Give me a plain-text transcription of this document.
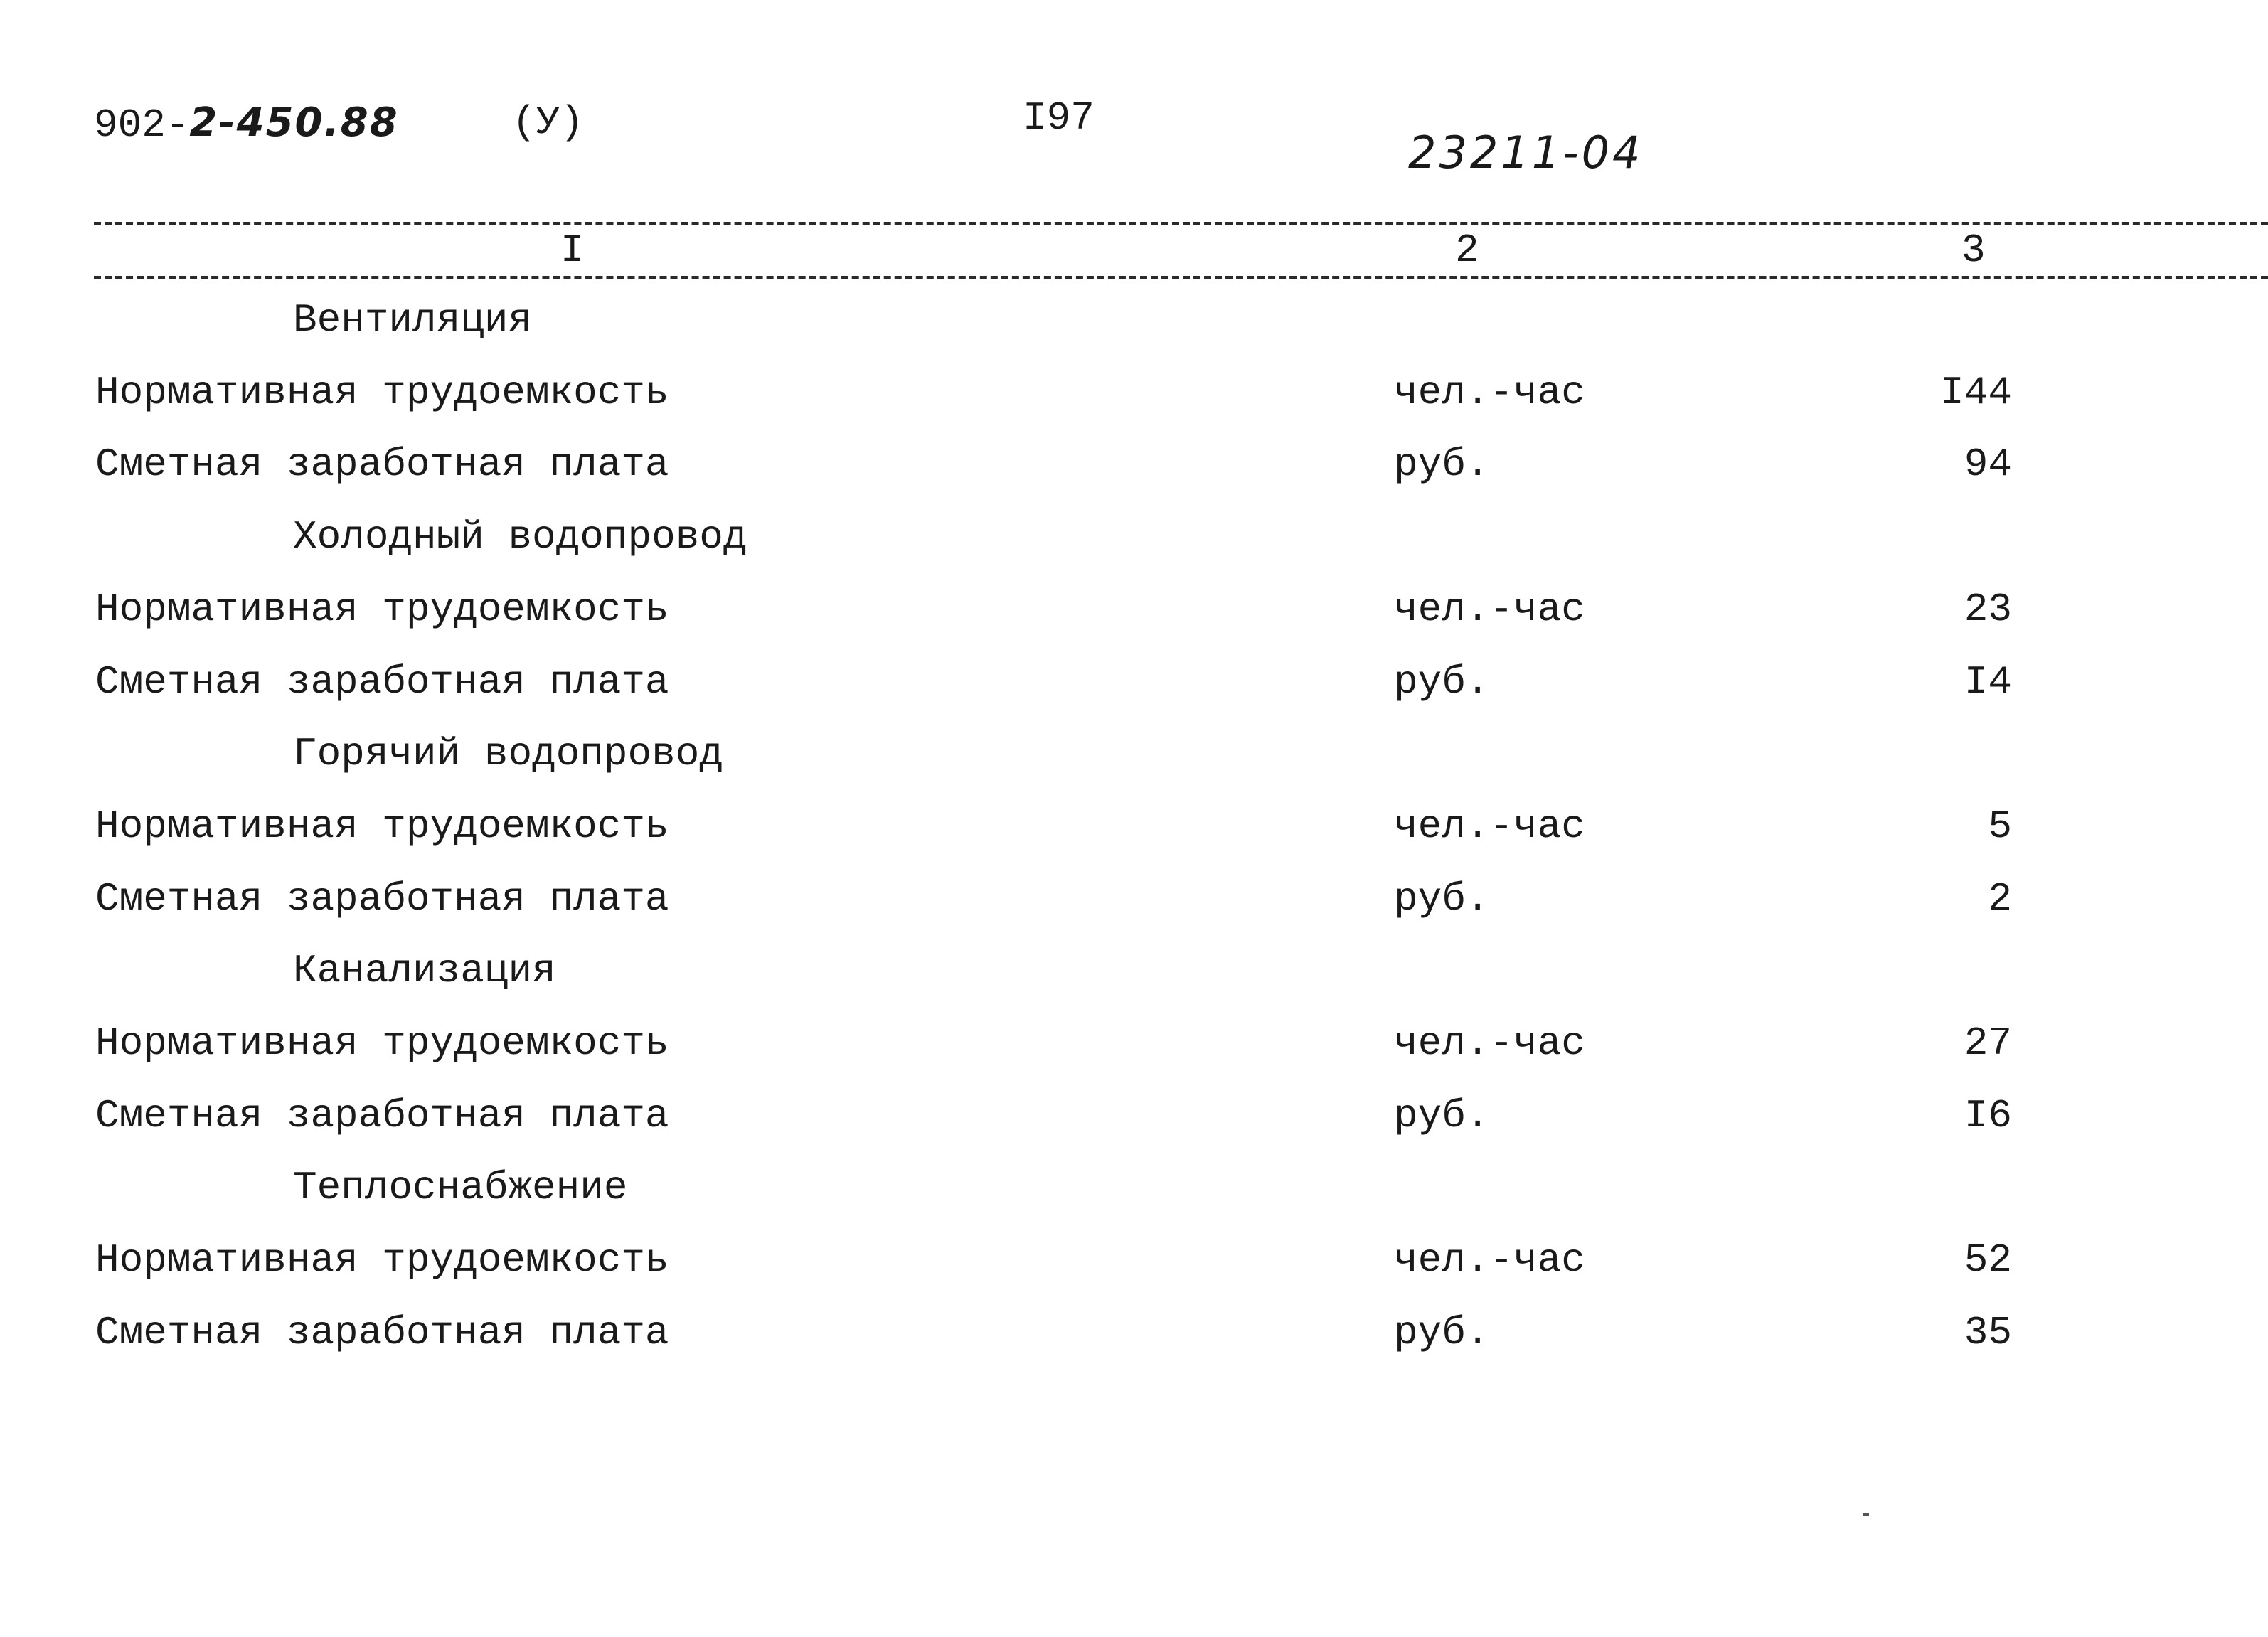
902-2-450.88	(У)	I97
23211-04
I	2	3
Вентиляция
Нормативная трудоемкость	чел.-час	I44
Сметная заработная плата	руб.	94
Холодный водопровод
Нормативная трудоемкость	чел.-час	23
Сметная заработная плата	руб.	I4
Горячий водопровод
Нормативная трудоемкость	чел.-час	5
Сметная заработная плата	руб.	2
Канализация
Нормативная трудоемкость	чел.-час	27
Сметная заработная плата	руб.	I6
Теплоснабжение
Нормативная трудоемкость	чел.-час	52
Сметная заработная плата	руб.	35
